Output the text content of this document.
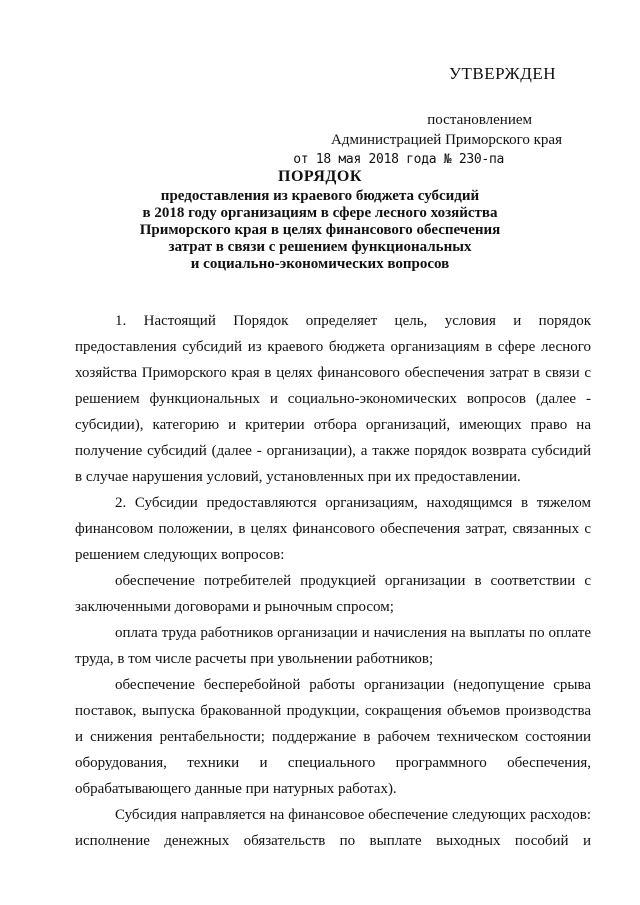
УТВЕРЖДЕН
постановлением
Администрацией Приморского края
от 18 мая 2018 года № 230-па
ПОРЯДОК
предоставления из краевого бюджета субсидий
в 2018 году организациям в сфере лесного хозяйства
Приморского края в целях финансового обеспечения
затрат в связи с решением функциональных
и социально-экономических вопросов

1. Настоящий Порядок определяет цель, условия и порядок предоставления субсидий из краевого бюджета организациям в сфере лесного хозяйства Приморского края в целях финансового обеспечения затрат в связи с решением функциональных и социально-экономических вопросов (далее - субсидии), категорию и критерии отбора организаций, имеющих право на получение субсидий (далее - организации), а также порядок возврата субсидий в случае нарушения условий, установленных при их предоставлении.

2. Субсидии предоставляются организациям, находящимся в тяжелом финансовом положении, в целях финансового обеспечения затрат, связанных с решением следующих вопросов:

обеспечение потребителей продукцией организации в соответствии с заключенными договорами и рыночным спросом;

оплата труда работников организации и начисления на выплаты по оплате труда, в том числе расчеты при увольнении работников;

обеспечение бесперебойной работы организации (недопущение срыва поставок, выпуска бракованной продукции, сокращения объемов производства и снижения рентабельности; поддержание в рабочем техническом состоянии оборудования, техники и специального программного обеспечения, обрабатывающего данные при натурных работах).

Субсидия направляется на финансовое обеспечение следующих расходов: исполнение денежных обязательств по выплате выходных пособий и
